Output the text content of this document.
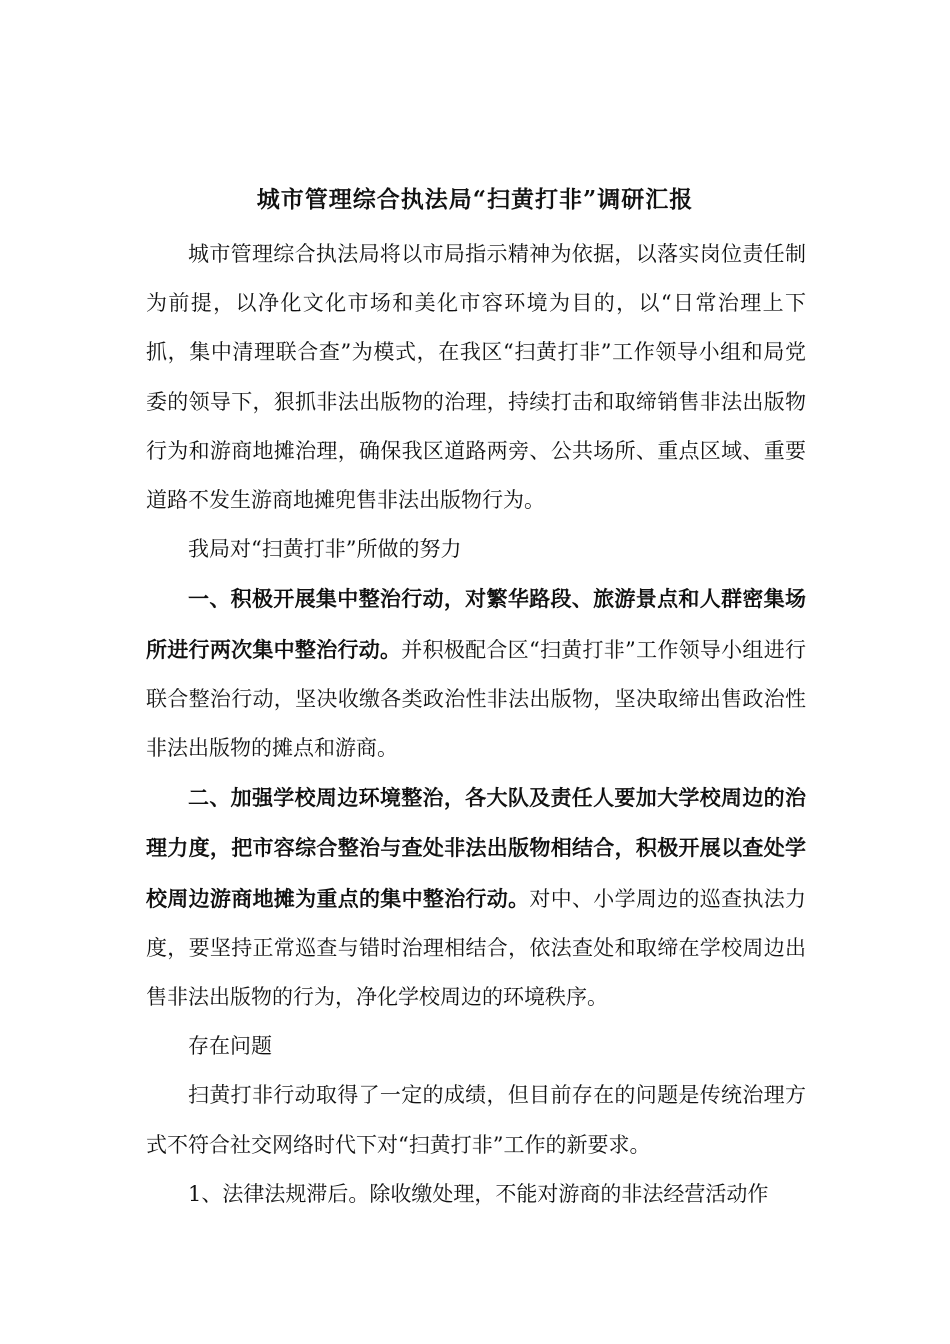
城市管理综合执法局“扫黄打非”调研汇报

城市管理综合执法局将以市局指示精神为依据，以落实岗位责任制为前提，以净化文化市场和美化市容环境为目的，以“日常治理上下抓，集中清理联合查”为模式，在我区“扫黄打非”工作领导小组和局党委的领导下，狠抓非法出版物的治理，持续打击和取缔销售非法出版物行为和游商地摊治理，确保我区道路两旁、公共场所、重点区域、重要道路不发生游商地摊兜售非法出版物行为。

我局对“扫黄打非”所做的努力

一、积极开展集中整治行动，对繁华路段、旅游景点和人群密集场所进行两次集中整治行动。并积极配合区“扫黄打非”工作领导小组进行联合整治行动，坚决收缴各类政治性非法出版物，坚决取缔出售政治性非法出版物的摊点和游商。

二、加强学校周边环境整治，各大队及责任人要加大学校周边的治理力度，把市容综合整治与查处非法出版物相结合，积极开展以查处学校周边游商地摊为重点的集中整治行动。对中、小学周边的巡查执法力度，要坚持正常巡查与错时治理相结合，依法查处和取缔在学校周边出售非法出版物的行为，净化学校周边的环境秩序。

存在问题

扫黄打非行动取得了一定的成绩，但目前存在的问题是传统治理方式不符合社交网络时代下对“扫黄打非”工作的新要求。

1、法律法规滞后。除收缴处理，不能对游商的非法经营活动作
